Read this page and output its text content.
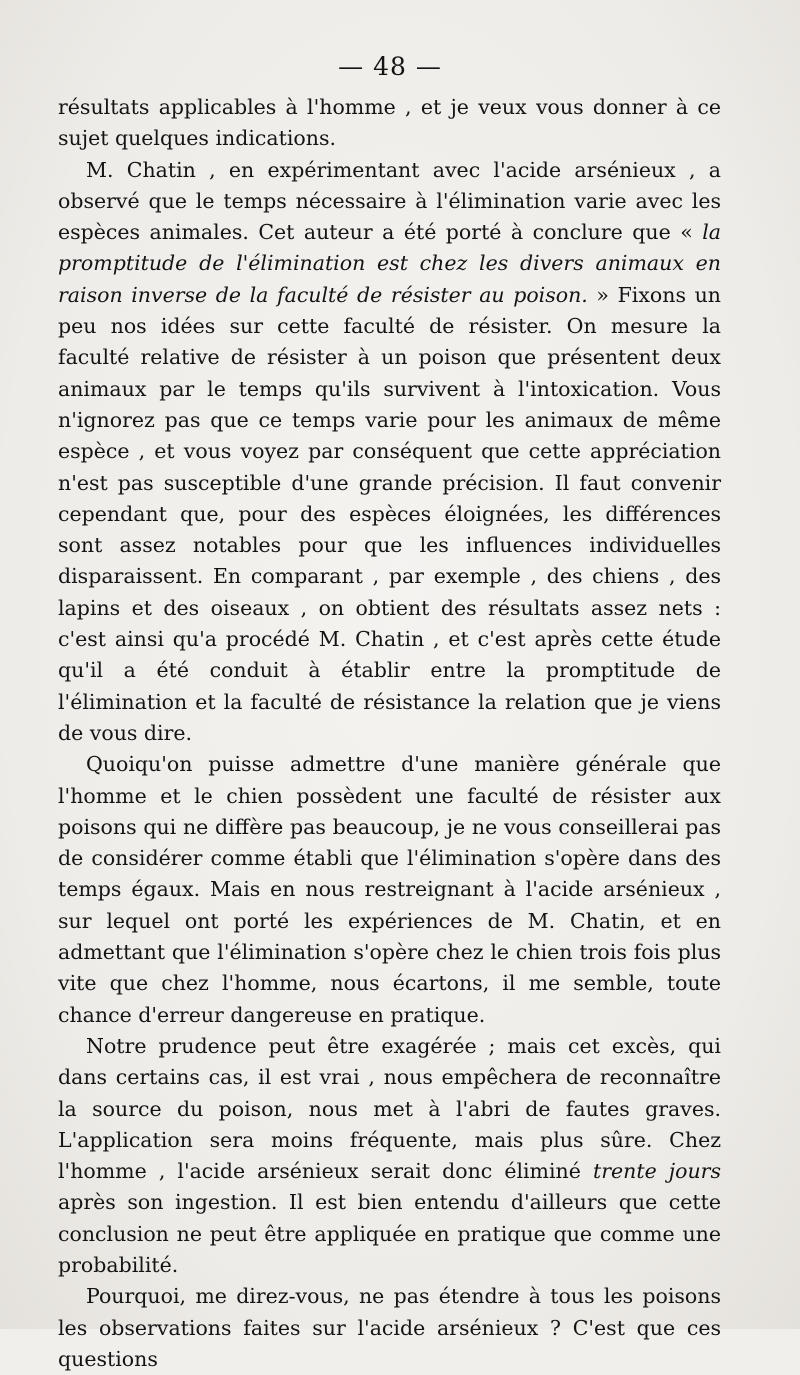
— 48 —

résultats applicables à l'homme , et je veux vous donner à ce sujet quelques indications.

M. Chatin , en expérimentant avec l'acide arsénieux , a observé que le temps nécessaire à l'élimination varie avec les espèces animales. Cet auteur a été porté à conclure que « la promptitude de l'élimination est chez les divers animaux en raison inverse de la faculté de résister au poison. » Fixons un peu nos idées sur cette faculté de résister. On mesure la faculté relative de résister à un poison que présentent deux animaux par le temps qu'ils survivent à l'intoxication. Vous n'ignorez pas que ce temps varie pour les animaux de même espèce , et vous voyez par conséquent que cette appréciation n'est pas susceptible d'une grande précision. Il faut convenir cependant que, pour des espèces éloignées, les différences sont assez notables pour que les influences individuelles disparaissent. En comparant , par exemple , des chiens , des lapins et des oiseaux , on obtient des résultats assez nets : c'est ainsi qu'a procédé M. Chatin , et c'est après cette étude qu'il a été conduit à établir entre la promptitude de l'élimination et la faculté de résistance la relation que je viens de vous dire.

Quoiqu'on puisse admettre d'une manière générale que l'homme et le chien possèdent une faculté de résister aux poisons qui ne diffère pas beaucoup, je ne vous conseillerai pas de considérer comme établi que l'élimination s'opère dans des temps égaux. Mais en nous restreignant à l'acide arsénieux , sur lequel ont porté les expériences de M. Chatin, et en admettant que l'élimination s'opère chez le chien trois fois plus vite que chez l'homme, nous écartons, il me semble, toute chance d'erreur dangereuse en pratique.

Notre prudence peut être exagérée ; mais cet excès, qui dans certains cas, il est vrai , nous empêchera de reconnaître la source du poison, nous met à l'abri de fautes graves. L'application sera moins fréquente, mais plus sûre. Chez l'homme , l'acide arsénieux serait donc éliminé trente jours après son ingestion. Il est bien entendu d'ailleurs que cette conclusion ne peut être appliquée en pratique que comme une probabilité.

Pourquoi, me direz-vous, ne pas étendre à tous les poisons les observations faites sur l'acide arsénieux ? C'est que ces questions
